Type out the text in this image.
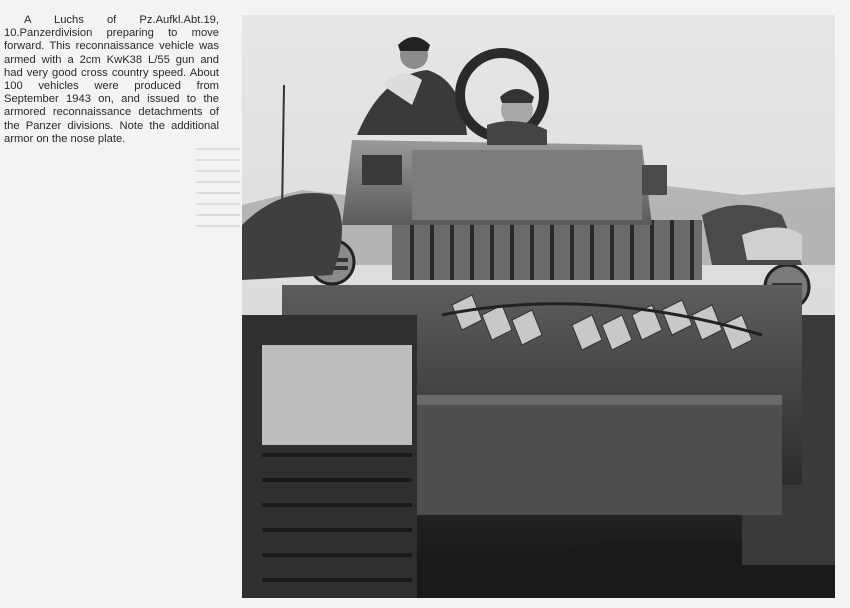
A Luchs of Pz.Aufkl.Abt.19, 10.Panzerdivision preparing to move forward. This reconnaissance vehicle was armed with a 2cm KwK38 L/55 gun and had very good cross country speed. About 100 vehicles were produced from September 1943 on, and issued to the armored reconnaissance detachments of the Panzer divisions. Note the additional armor on the nose plate.
